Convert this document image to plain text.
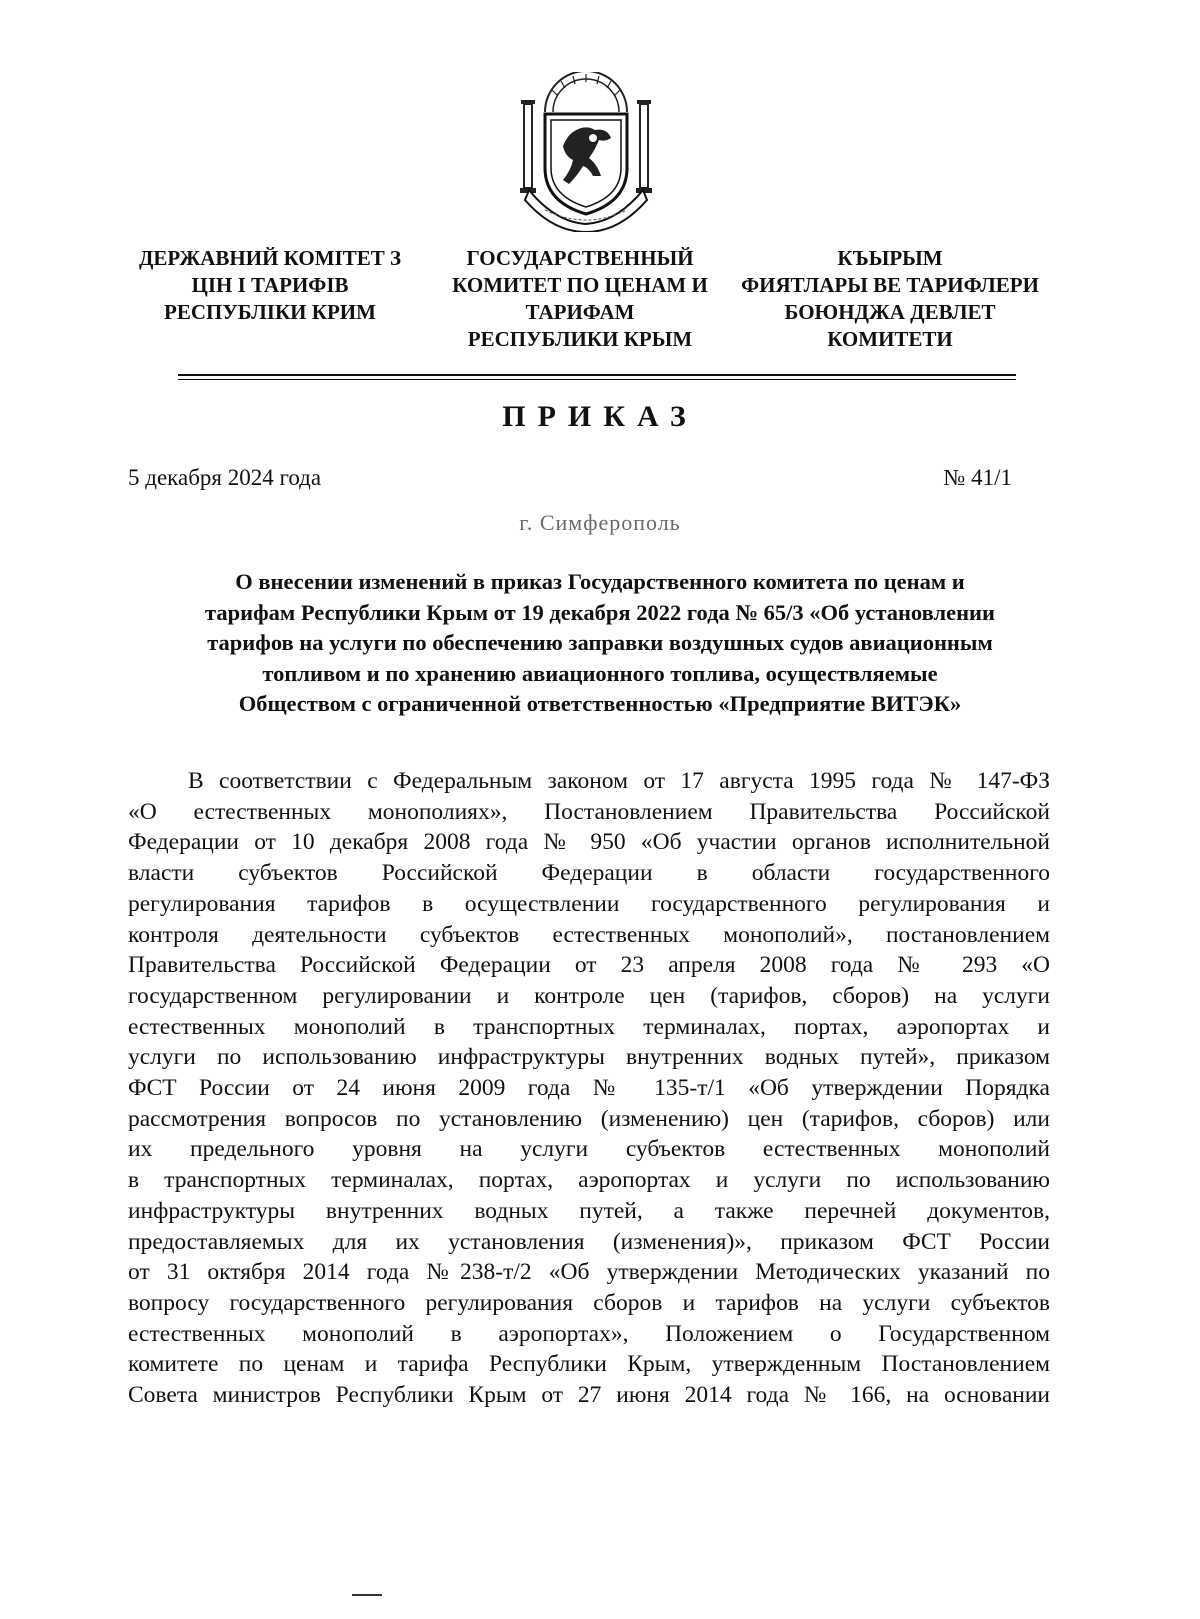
ДЕРЖАВНИЙ КОМІТЕТ З
ЦІН І ТАРИФІВ
РЕСПУБЛІКИ КРИМ
ГОСУДАРСТВЕННЫЙ
КОМИТЕТ ПО ЦЕНАМ И
ТАРИФАМ
РЕСПУБЛИКИ КРЫМ
КЪЫРЫМ
ФИЯТЛАРЫ ВЕ ТАРИФЛЕРИ
БОЮНДЖА ДЕВЛЕТ
КОМИТЕТИ
ПРИКАЗ
5 декабря 2024 года	№ 41/1
г. Симферополь
О внесении изменений в приказ Государственного комитета по ценам и
тарифам Республики Крым от 19 декабря 2022 года № 65/3 «Об установлении
тарифов на услуги по обеспечению заправки воздушных судов авиационным
топливом и по хранению авиационного топлива, осуществляемые
Обществом с ограниченной ответственностью «Предприятие ВИТЭК»
В соответствии с Федеральным законом от 17 августа 1995 года № 147-ФЗ
«О естественных монополиях», Постановлением Правительства Российской
Федерации от 10 декабря 2008 года № 950 «Об участии органов исполнительной
власти субъектов Российской Федерации в области государственного
регулирования тарифов в осуществлении государственного регулирования и
контроля деятельности субъектов естественных монополий», постановлением
Правительства Российской Федерации от 23 апреля 2008 года № 293 «О
государственном регулировании и контроле цен (тарифов, сборов) на услуги
естественных монополий в транспортных терминалах, портах, аэропортах и
услуги по использованию инфраструктуры внутренних водных путей», приказом
ФСТ России от 24 июня 2009 года № 135-т/1 «Об утверждении Порядка
рассмотрения вопросов по установлению (изменению) цен (тарифов, сборов) или
их предельного уровня на услуги субъектов естественных монополий
в транспортных терминалах, портах, аэропортах и услуги по использованию
инфраструктуры внутренних водных путей, а также перечней документов,
предоставляемых для их установления (изменения)», приказом ФСТ России
от 31 октября 2014 года №238-т/2 «Об утверждении Методических указаний по
вопросу государственного регулирования сборов и тарифов на услуги субъектов
естественных монополий в аэропортах», Положением о Государственном
комитете по ценам и тарифа Республики Крым, утвержденным Постановлением
Совета министров Республики Крым от 27 июня 2014 года № 166, на основании
